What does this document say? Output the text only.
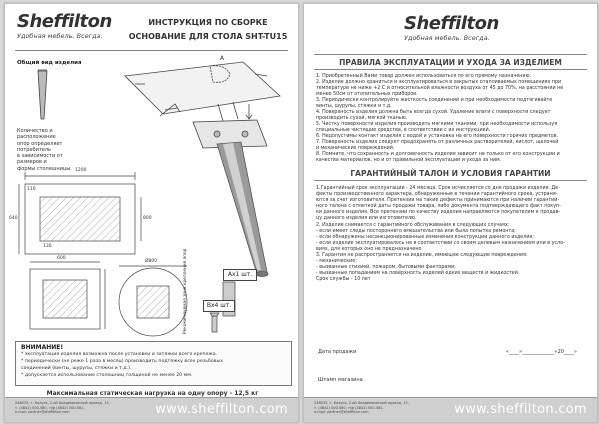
Sheffilton
Удобная мебель. Всегда.
ИНСТРУКЦИЯ ПО СБОРКЕ
ОСНОВАНИЕ ДЛЯ СТОЛА SHT-TU15
Общий вид изделия
А
Количество и расположение
опор определяет потребитель
в зависимости от размеров и
формы столешницы. 1200
640	800
110
130
600
Ø800	Рекомендуемая зона крепления опор	Ах1 шт.
Вх4 шт.
ВНИМАНИЕ!
* эксплуатация изделия возможна после установки и затяжки всего крепежа.
* периодически (не реже 1 раза в месяц) производить подтяжку всех резьбовых
соединений (винты, шурупы, стяжки и т.д.).
* допускается использование столешниц толщиной не менее 20 мм.
Максимальная статическая нагрузка на одну опору - 12,5 кг
248033, г. Калуга, 2-ой Академический проезд, 13,
т. (4842) 500-580, т/ф (4842) 500-581,
e-mail: partner@sheffilton.com	www.sheffilton.com
Sheffilton
Удобная мебель. Всегда.
ПРАВИЛА ЭКСПЛУАТАЦИИ И УХОДА ЗА ИЗДЕЛИЕМ
1. Приобретенный Вами товар должен использоваться по его прямому назначению.
2. Изделие должно храниться и эксплуатироваться в закрытых отапливаемых помещениях при
температуре не ниже +2 С и относительной влажности воздуха от 45 до 70%, на расстоянии не
менее 50см от отопительных приборов.
3. Периодически контролируйте жесткость соединений и при необходимости подтягивайте
винты, шурупы, стяжки и т.д.
4. Поверхность изделия должна быть всегда сухой. Удаление влаги с поверхности следует
производить сухой, мягкой тканью.
5. Чистку поверхности изделия производить мягкими тканями, при необходимости используя
специальные чистящие средства, в соответствии с их инструкцией.
6. Недопустимы контакт изделия с водой и установка на его поверхности горячих предметов.
7. Поверхность изделия следует предохранять от различных растворителей, кислот, щелочей
и механических повреждений.
8. Помните, что сохранность и долговечность изделия зависит не только от его конструкции и
качества материалов, но и от правильной эксплуатации и ухода за ним.
ГАРАНТИЙНЫЙ ТАЛОН И УСЛОВИЯ ГАРАНТИИ
1.Гарантийный срок эксплуатации - 24 месяца. Срок исчисляется со дня продажи изделия. Де-
фекты производственного характера, обнаруженные в течении гарантийного срока, устраня-
ются за счет изготовителя. Претензии на такие дефекты принимаются при наличии гарантий-
ного талона с отметкой даты продажи товара, либо документа подтверждающего факт покуп-
ки данного изделия. Все претензии по качеству изделия направляются покупателем к продав-
цу данного изделия или изготовителю.
2. Изделие снимается с гарантийного обслуживания в следующих случаях:
- если имеет следы постороннего вмешательства или была попытка ремонта;
- если обнаружены несанкционированные изменения конструкции данного изделия;
- если изделие эксплуатировалось не в соответствии со своим целевым назначением или в усло-
виях, для которых оно не предназначено
3. Гарантия не распространяется на изделие, имеющее следующие повреждения:
- механические;
- вызванные стихией, пожаром, бытовыми факторами;
- вызванные попаданием на поверхность изделий едких веществ и жидкостей.
Срок службы - 10 лет
Дата продажи	«____»_____________«20____»
Штамп магазина
248033, г. Калуга, 2-ой Академический проезд, 13,
т. (4842) 500-580, т/ф (4842) 500-581,
e-mail: partner@sheffilton.com	www.sheffilton.com
